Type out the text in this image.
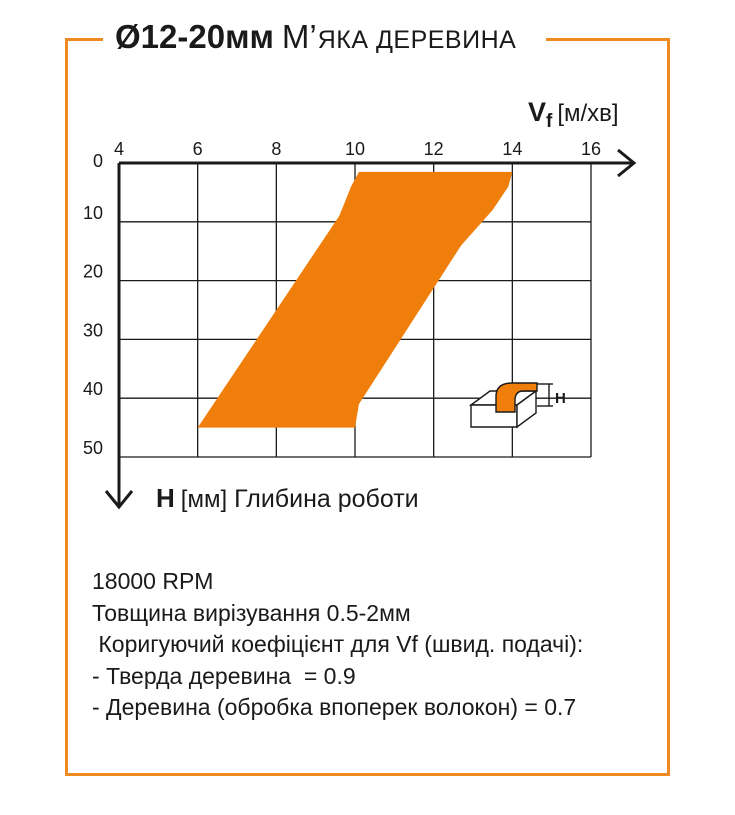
Ø12-20мм М’ ЯКА ДЕРЕВИНА
4	6	8	10	12	14	16
0
10
20
30
40
50
Vf [м/хв]
H [мм] Глибина роботи
H
18000 RPM
Товщина вирізування 0.5-2мм
Коригуючий коефіцієнт для Vf (швид. подачі):
- Тверда деревина  = 0.9
- Деревина (обробка впоперек волокон) = 0.7
